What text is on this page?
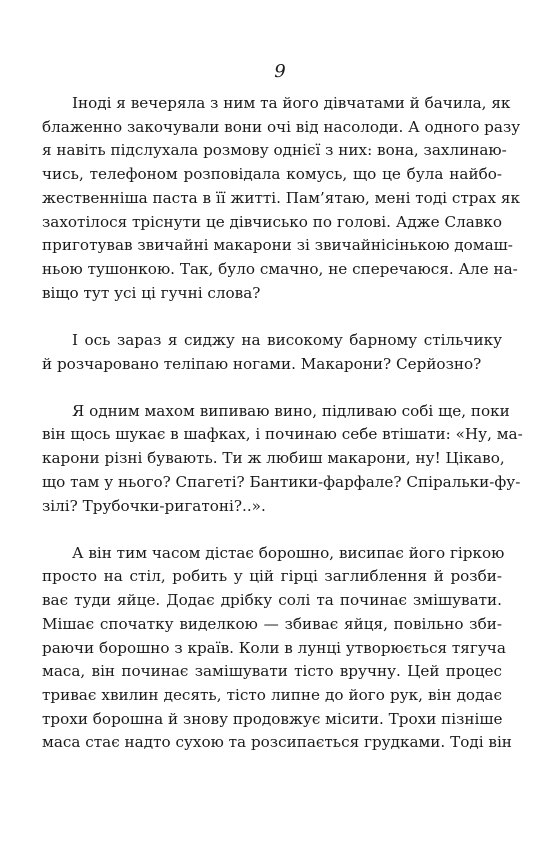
9

Іноді я вечеряла з ним та його дівчатами й бачила, як
блаженно закочували вони очі від насолоди. А одного разу
я навіть підслухала розмову однієї з них: вона, захлинаю-
чись, телефоном розповідала комусь, що це була найбо-
жественніша паста в її житті. Пам’ятаю, мені тоді страх як
захотілося тріснути це дівчисько по голові. Адже Славко
приготував звичайні макарони зі звичайнісінькою домаш-
ньою тушонкою. Так, було смачно, не сперечаюся. Але на-
віщо тут усі ці гучні слова?

І ось зараз я сиджу на високому барному стільчику
й розчаровано теліпаю ногами. Макарони? Серйозно?

Я одним махом випиваю вино, підливаю собі ще, поки
він щось шукає в шафках, і починаю себе втішати: «Ну, ма-
карони різні бувають. Ти ж любиш макарони, ну! Цікаво,
що там у нього? Спагеті? Бантики-фарфале? Спіральки-фу-
зілі? Трубочки-ригатоні?..».

А він тим часом дістає борошно, висипає його гіркою
просто на стіл, робить у цій гірці заглиблення й розби-
ває туди яйце. Додає дрібку солі та починає змішувати.
Мішає спочатку виделкою — збиває яйця, повільно зби-
раючи борошно з країв. Коли в лунці утворюється тягуча
маса, він починає замішувати тісто вручну. Цей процес
триває хвилин десять, тісто липне до його рук, він додає
трохи борошна й знову продовжує місити. Трохи пізніше
маса стає надто сухою та розсипається грудками. Тоді він
